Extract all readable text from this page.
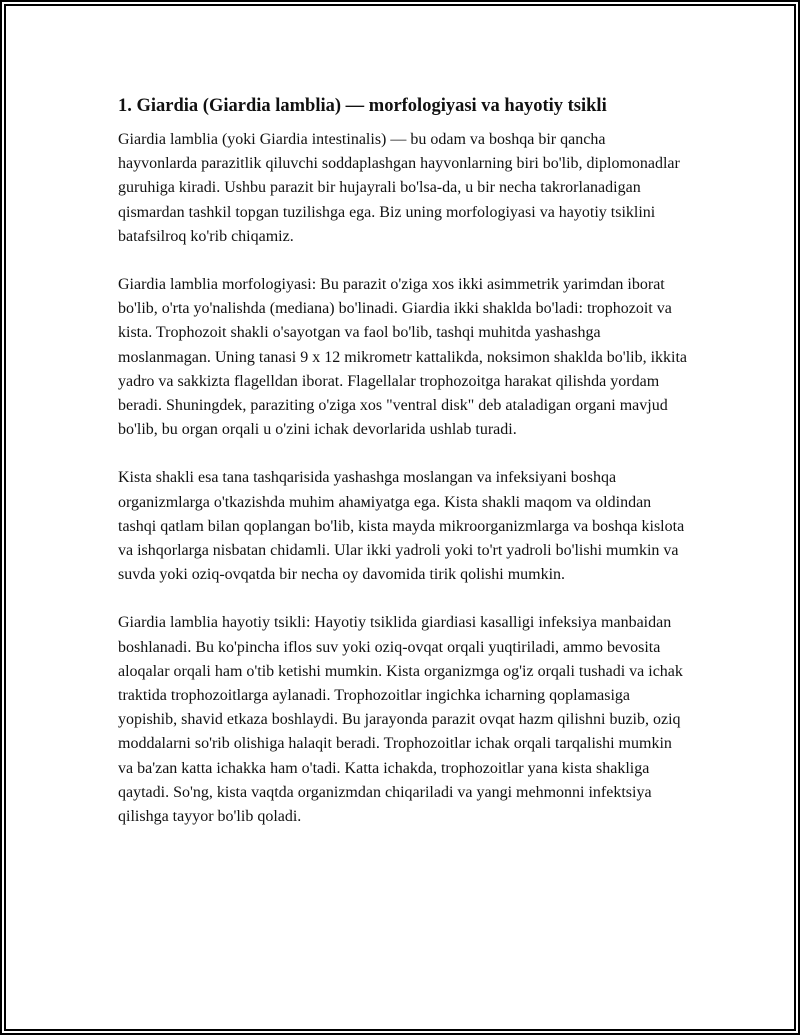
1. Giardia (Giardia lamblia) — morfologiyasi va hayotiy tsikli

Giardia lamblia (yoki Giardia intestinalis) — bu odam va boshqa bir qancha hayvonlarda parazitlik qiluvchi soddaplashgan hayvonlarning biri bo'lib, diplomonadlar guruhiga kiradi. Ushbu parazit bir hujayrali bo'lsa-da, u bir necha takrorlanadigan qismardan tashkil topgan tuzilishga ega. Biz uning morfologiyasi va hayotiy tsiklini batafsilroq ko'rib chiqamiz.

Giardia lamblia morfologiyasi: Bu parazit o'ziga xos ikki asimmetrik yarimdan iborat bo'lib, o'rta yo'nalishda (mediana) bo'linadi. Giardia ikki shaklda bo'ladi: trophozoit va kista. Trophozoit shakli o'sayotgan va faol bo'lib, tashqi muhitda yashashga moslanmagan. Uning tanasi 9 x 12 mikrometr kattalikda, noksimon shaklda bo'lib, ikkita yadro va sakkizta flagelldan iborat. Flagellalar trophozoitga harakat qilishda yordam beradi. Shuningdek, paraziting o'ziga xos "ventral disk" deb ataladigan organi mavjud bo'lib, bu organ orqali u o'zini ichak devorlarida ushlab turadi.

Kista shakli esa tana tashqarisida yashashga moslangan va infeksiyani boshqa organizmlarga o'tkazishda muhim ahамiyatga ega. Kista shakli maqom va oldindan tashqi qatlam bilan qoplangan bo'lib, kista mayda mikroorganizmlarga va boshqa kislota va ishqorlarga nisbatan chidamli. Ular ikki yadroli yoki to'rt yadroli bo'lishi mumkin va suvda yoki oziq-ovqatda bir necha oy davomida tirik qolishi mumkin.

Giardia lamblia hayotiy tsikli: Hayotiy tsiklida giardiasi kasalligi infeksiya manbaidan boshlanadi. Bu ko'pincha iflos suv yoki oziq-ovqat orqali yuqtiriladi, ammo bevosita aloqalar orqali ham o'tib ketishi mumkin. Kista organizmga og'iz orqali tushadi va ichak traktida trophozoitlarga aylanadi. Trophozoitlar ingichka icharning qoplamasiga yopishib, shavid etkaza boshlaydi. Bu jarayonda parazit ovqat hazm qilishni buzib, oziq moddalarni so'rib olishiga halaqit beradi. Trophozoitlar ichak orqali tarqalishi mumkin va ba'zan katta ichakka ham o'tadi. Katta ichakda, trophozoitlar yana kista shakliga qaytadi. So'ng, kista vaqtda organizmdan chiqariladi va yangi mehmonni infektsiya qilishga tayyor bo'lib qoladi.
